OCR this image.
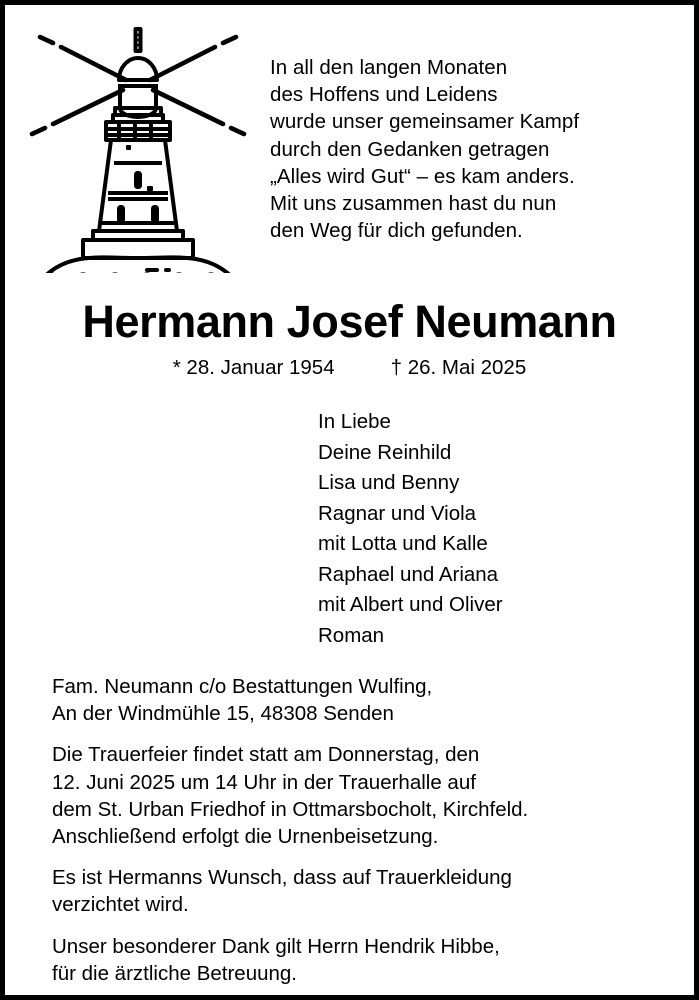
In all den langen Monaten
des Hoffens und Leidens
wurde unser gemeinsamer Kampf
durch den Gedanken getragen
„Alles wird Gut“ – es kam anders.
Mit uns zusammen hast du nun
den Weg für dich gefunden.
Hermann Josef Neumann
* 28. Januar 1954	† 26. Mai 2025
In Liebe
Deine Reinhild
Lisa und Benny
Ragnar und Viola
mit Lotta und Kalle
Raphael und Ariana
mit Albert und Oliver
Roman
Fam. Neumann c/o Bestattungen Wulfing,
An der Windmühle 15, 48308 Senden
Die Trauerfeier findet statt am Donnerstag, den
12. Juni 2025 um 14 Uhr in der Trauerhalle auf
dem St. Urban Friedhof in Ottmarsbocholt, Kirchfeld.
Anschließend erfolgt die Urnenbeisetzung.
Es ist Hermanns Wunsch, dass auf Trauerkleidung
verzichtet wird.
Unser besonderer Dank gilt Herrn Hendrik Hibbe,
für die ärztliche Betreuung.
